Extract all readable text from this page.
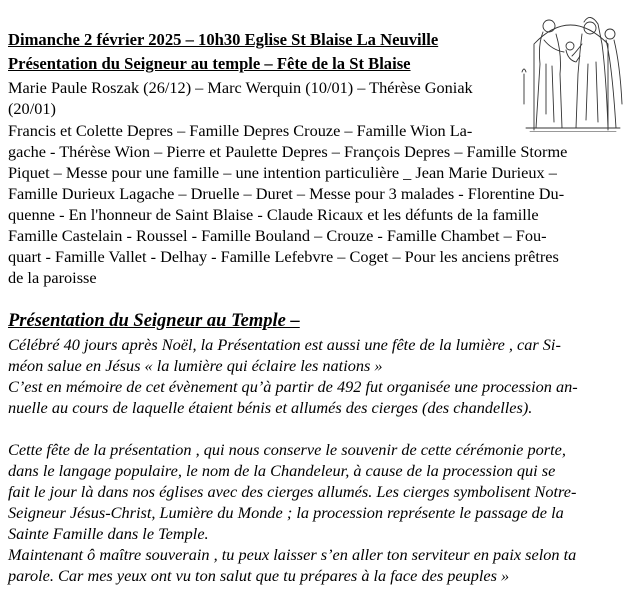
Dimanche 2 février 2025 – 10h30 Eglise St Blaise La Neuville
Présentation du Seigneur au temple – Fête de la St Blaise
Marie Paule Roszak (26/12) – Marc Werquin (10/01) – Thérèse Goniak
(20/01)
Francis et Colette Depres – Famille Depres Crouze – Famille Wion La-
gache - Thérèse Wion – Pierre et Paulette Depres – François Depres – Famille Storme
Piquet – Messe pour une famille – une intention particulière _ Jean Marie Durieux –
Famille Durieux Lagache – Druelle – Duret – Messe pour 3 malades - Florentine Du-
quenne - En l'honneur de Saint Blaise - Claude Ricaux et les défunts de la famille
Famille Castelain - Roussel - Famille Bouland – Crouze - Famille Chambet – Fou-
quart - Famille Vallet - Delhay - Famille Lefebvre – Coget – Pour les anciens prêtres
de la paroisse
Présentation du Seigneur au Temple –
Célébré 40 jours après Noël, la Présentation est aussi une fête de la lumière , car Si-
méon salue en Jésus « la lumière qui éclaire les nations »
C’est en mémoire de cet évènement qu’à partir de 492 fut organisée une procession an-
nuelle au cours de laquelle étaient bénis et allumés des cierges (des chandelles).
Cette fête de la présentation , qui nous conserve le souvenir de cette cérémonie porte,
dans le langage populaire, le nom de la Chandeleur, à cause de la procession qui se
fait le jour là dans nos églises avec des cierges allumés. Les cierges symbolisent Notre-
Seigneur Jésus-Christ, Lumière du Monde ; la procession représente le passage de la
Sainte Famille dans le Temple.
Maintenant ô maître souverain , tu peux laisser s’en aller ton serviteur en paix selon ta
parole. Car mes yeux ont vu ton salut que tu prépares à la face des peuples »
